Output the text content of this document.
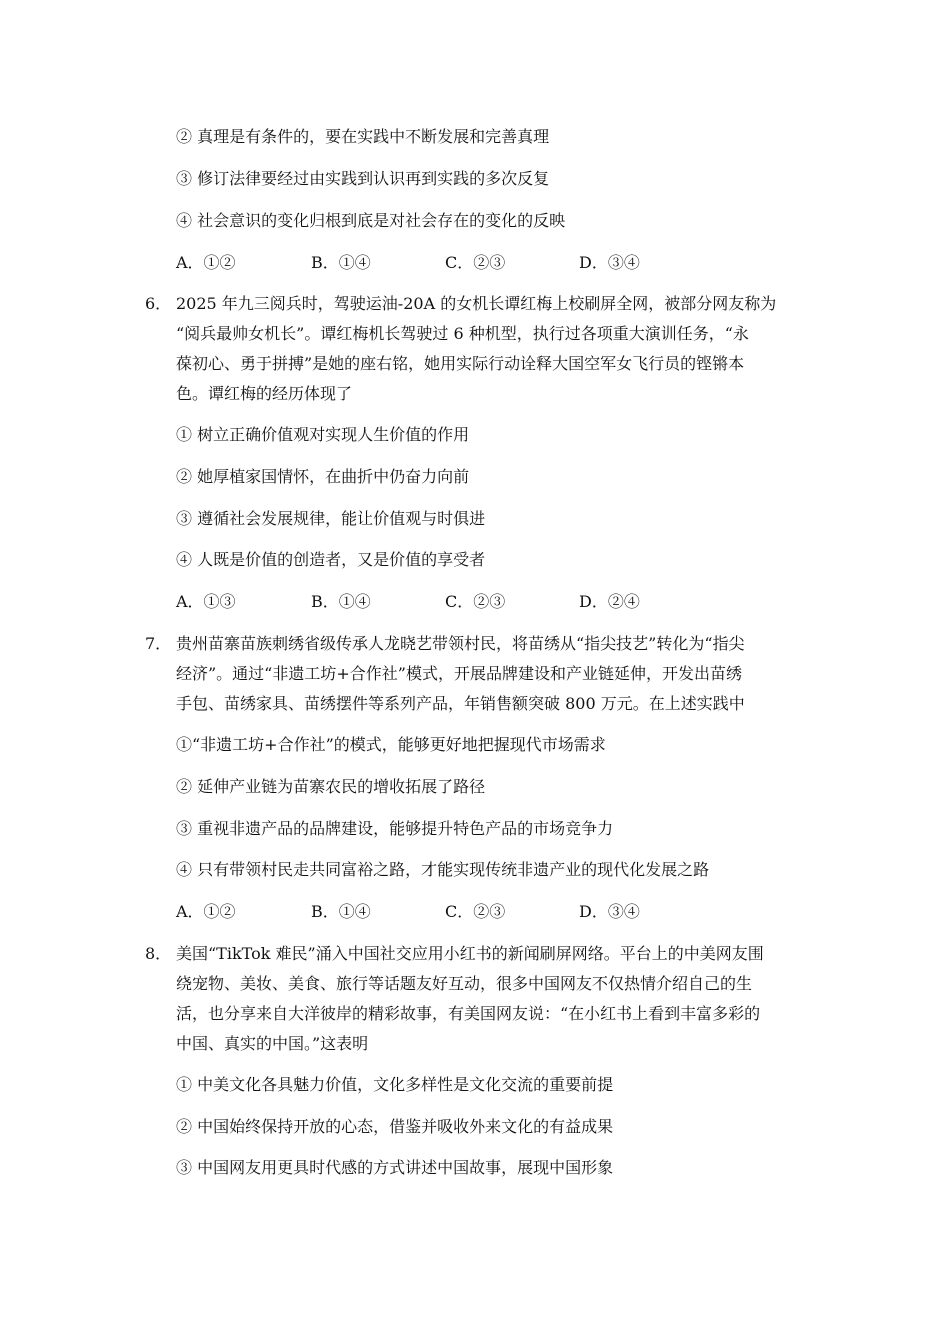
② 真理是有条件的，要在实践中不断发展和完善真理
③ 修订法律要经过由实践到认识再到实践的多次反复
④ 社会意识的变化归根到底是对社会存在的变化的反映
A．①②	B．①④	C．②③	D．③④
6． 2025 年九三阅兵时，驾驶运油-20A 的女机长谭红梅上校刷屏全网，被部分网友称为
“阅兵最帅女机长”。谭红梅机长驾驶过 6 种机型，执行过各项重大演训任务，“永
葆初心、勇于拼搏”是她的座右铭，她用实际行动诠释大国空军女飞行员的铿锵本
色。谭红梅的经历体现了
① 树立正确价值观对实现人生价值的作用
② 她厚植家国情怀，在曲折中仍奋力向前
③ 遵循社会发展规律，能让价值观与时俱进
④ 人既是价值的创造者，又是价值的享受者
A．①③	B．①④	C．②③	D．②④
7． 贵州苗寨苗族刺绣省级传承人龙晓艺带领村民，将苗绣从“指尖技艺”转化为“指尖
经济”。通过“非遗工坊+合作社”模式，开展品牌建设和产业链延伸，开发出苗绣
手包、苗绣家具、苗绣摆件等系列产品，年销售额突破 800 万元。在上述实践中
①“非遗工坊+合作社”的模式，能够更好地把握现代市场需求
② 延伸产业链为苗寨农民的增收拓展了路径
③ 重视非遗产品的品牌建设，能够提升特色产品的市场竞争力
④ 只有带领村民走共同富裕之路，才能实现传统非遗产业的现代化发展之路
A．①②	B．①④	C．②③	D．③④
8． 美国“TikTok 难民”涌入中国社交应用小红书的新闻刷屏网络。平台上的中美网友围
绕宠物、美妆、美食、旅行等话题友好互动，很多中国网友不仅热情介绍自己的生
活，也分享来自大洋彼岸的精彩故事，有美国网友说：“在小红书上看到丰富多彩的
中国、真实的中国。”这表明
① 中美文化各具魅力价值，文化多样性是文化交流的重要前提
② 中国始终保持开放的心态，借鉴并吸收外来文化的有益成果
③ 中国网友用更具时代感的方式讲述中国故事，展现中国形象
